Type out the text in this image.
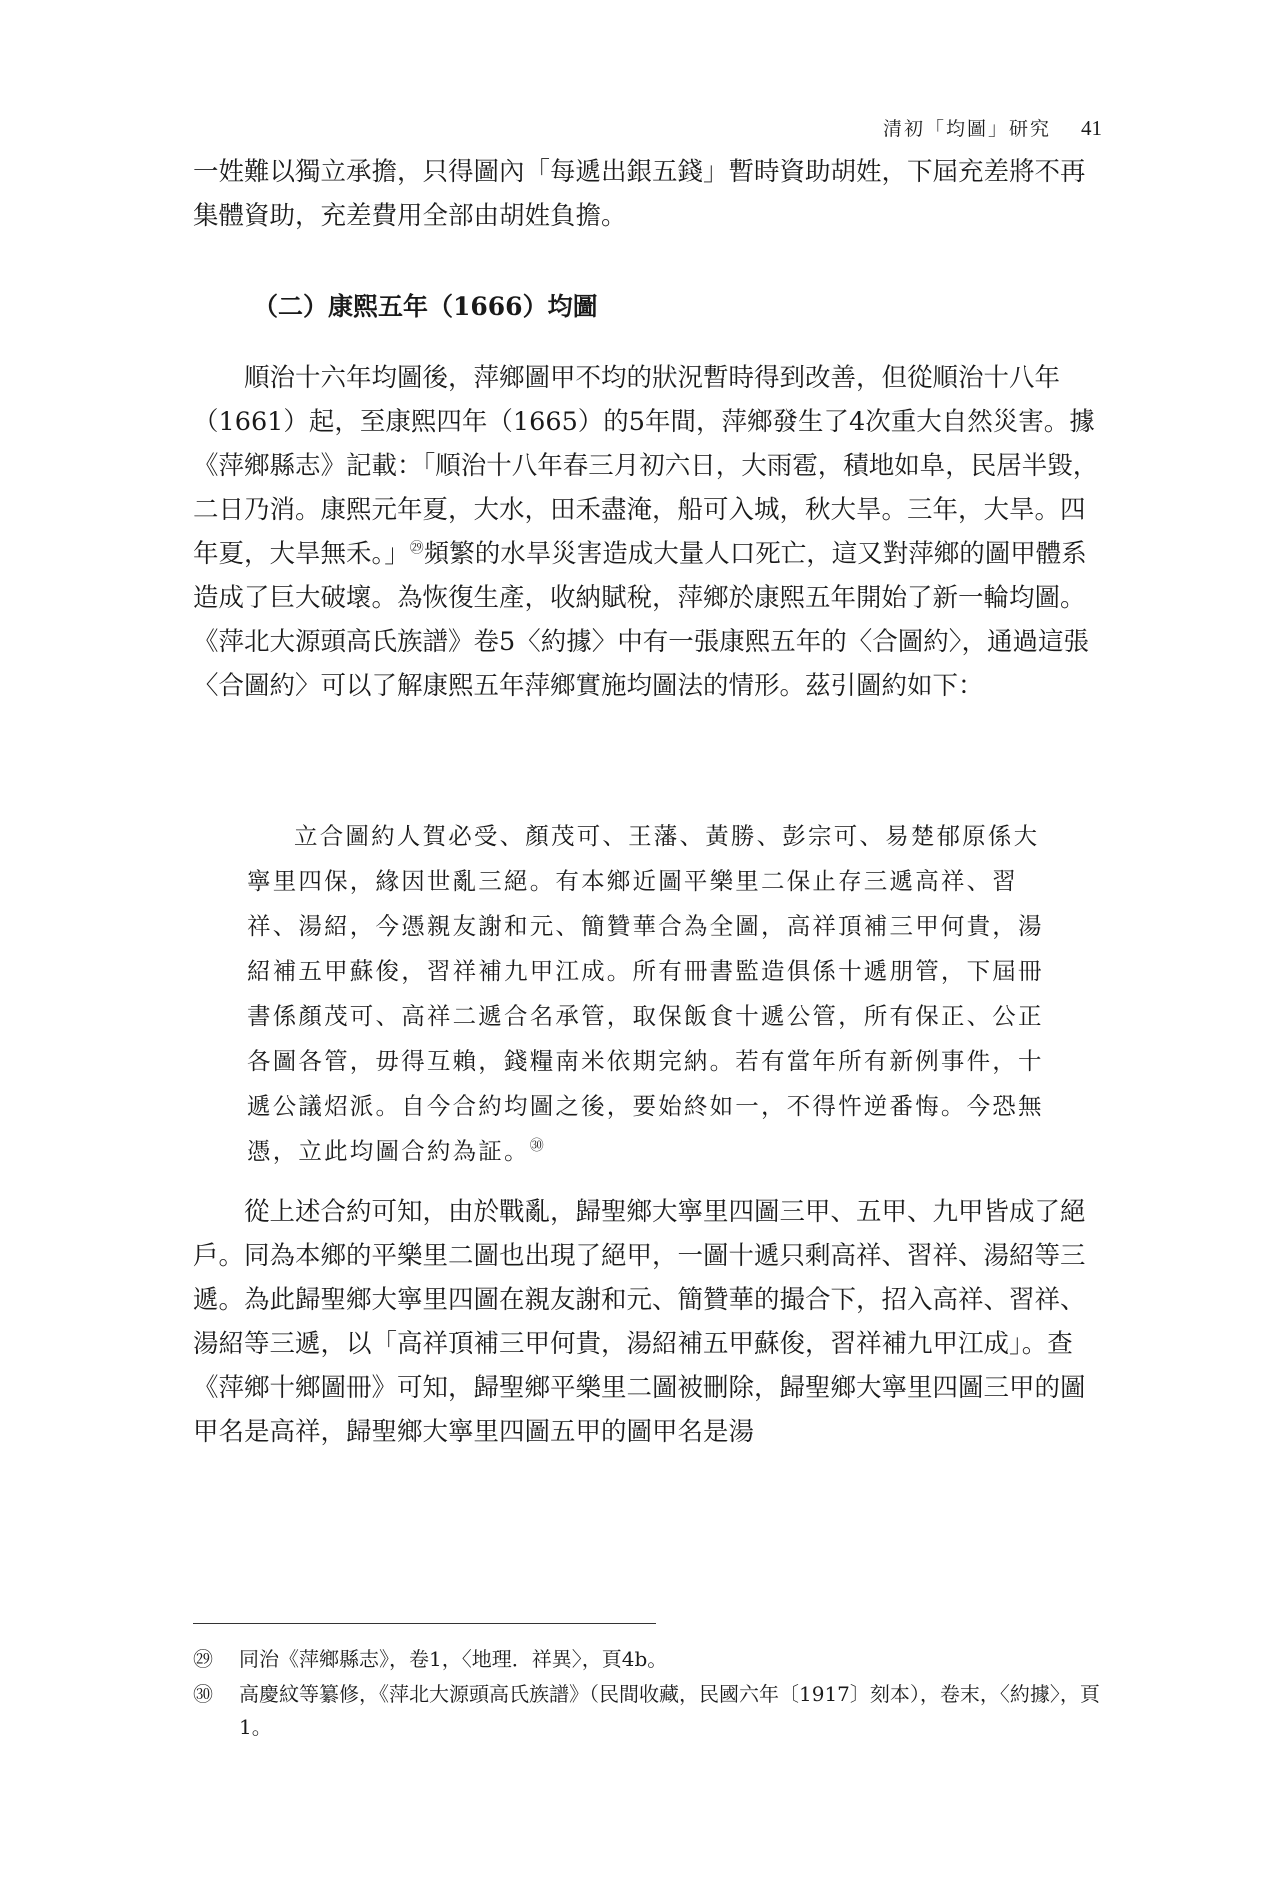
清初「均圖」研究 41

一姓難以獨立承擔，只得圖內「每遞出銀五錢」暫時資助胡姓，下屆充差將不再集體資助，充差費用全部由胡姓負擔。

（二）康熙五年（1666）均圖

順治十六年均圖後，萍鄉圖甲不均的狀況暫時得到改善，但從順治十八年（1661）起，至康熙四年（1665）的5年間，萍鄉發生了4次重大自然災害。據《萍鄉縣志》記載：「順治十八年春三月初六日，大雨雹，積地如阜，民居半毀，二日乃消。康熙元年夏，大水，田禾盡淹，船可入城，秋大旱。三年，大旱。四年夏，大旱無禾。」$^㉙$頻繁的水旱災害造成大量人口死亡，這又對萍鄉的圖甲體系造成了巨大破壞。為恢復生產，收納賦稅，萍鄉於康熙五年開始了新一輪均圖。《萍北大源頭高氏族譜》卷5〈約據〉中有一張康熙五年的〈合圖約〉，通過這張〈合圖約〉可以了解康熙五年萍鄉實施均圖法的情形。茲引圖約如下：

立合圖約人賀必受、顏茂可、王藩、黃勝、彭宗可、易楚郁原係大寧里四保，緣因世亂三絕。有本鄉近圖平樂里二保止存三遞高祥、習祥、湯紹，今憑親友謝和元、簡贊華合為全圖，高祥頂補三甲何貴，湯紹補五甲蘇俊，習祥補九甲江成。所有冊書監造俱係十遞朋管，下屆冊書係顏茂可、高祥二遞合名承管，取保飯食十遞公管，所有保正、公正各圖各管，毋得互賴，錢糧南米依期完納。若有當年所有新例事件，十遞公議炤派。自今合約均圖之後，要始終如一，不得忤逆番悔。今恐無憑，立此均圖合約為証。$^㉚$

從上述合約可知，由於戰亂，歸聖鄉大寧里四圖三甲、五甲、九甲皆成了絕戶。同為本鄉的平樂里二圖也出現了絕甲，一圖十遞只剩高祥、習祥、湯紹等三遞。為此歸聖鄉大寧里四圖在親友謝和元、簡贊華的撮合下，招入高祥、習祥、湯紹等三遞，以「高祥頂補三甲何貴，湯紹補五甲蘇俊，習祥補九甲江成」。查《萍鄉十鄉圖冊》可知，歸聖鄉平樂里二圖被刪除，歸聖鄉大寧里四圖三甲的圖甲名是高祥，歸聖鄉大寧里四圖五甲的圖甲名是湯

㉙	同治《萍鄉縣志》，卷1，〈地理．祥異〉，頁4b。
㉚	高慶紋等纂修，《萍北大源頭高氏族譜》（民間收藏，民國六年〔1917〕刻本），卷末，〈約據〉，頁1。
